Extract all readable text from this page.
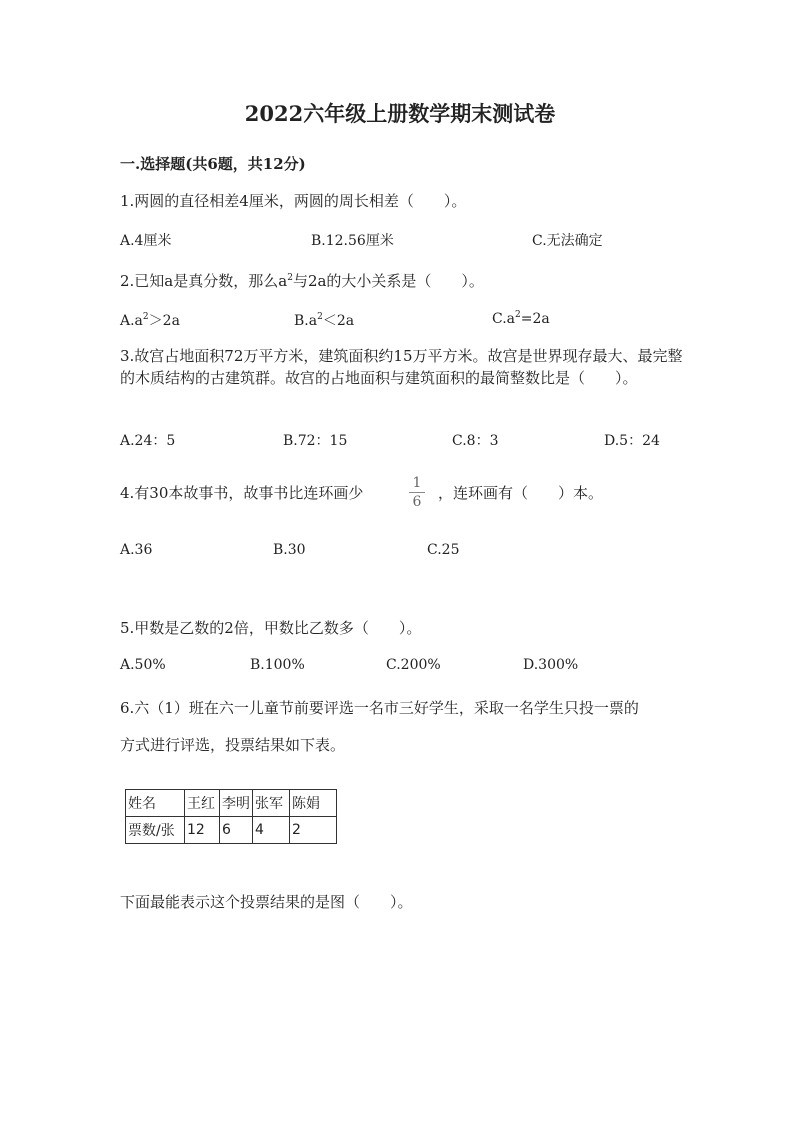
2022六年级上册数学期末测试卷
一.选择题(共6题，共12分)
1.两圆的直径相差4厘米，两圆的周长相差（　　）。
A.4厘米	B.12.56厘米	C.无法确定
2.已知a是真分数，那么$a^2$与2a的大小关系是（　　）。
$A.a^2>2a$	$B.a^2<2a$	$C.a^2=2a$
3.故宫占地面积72万平方米，建筑面积约15万平方米。故宫是世界现存最大、最完整的木质结构的古建筑群。故宫的占地面积与建筑面积的最简整数比是（　　）。
A.24：5	B.72：15	C.8：3	D.5：24
4.有30本故事书，故事书比连环画少
1
6 ，连环画有（　　）本。
A.36	B.30	C.25
5.甲数是乙数的2倍，甲数比乙数多（　　）。
A.50%	B.100%	C.200%	D.300%
6.六（1）班在六一儿童节前要评选一名市三好学生，采取一名学生只投一票的
方式进行评选，投票结果如下表。
姓名	王红	李明	张军	陈娟
票数/张	12	6	4	2
下面最能表示这个投票结果的是图（　　）。
